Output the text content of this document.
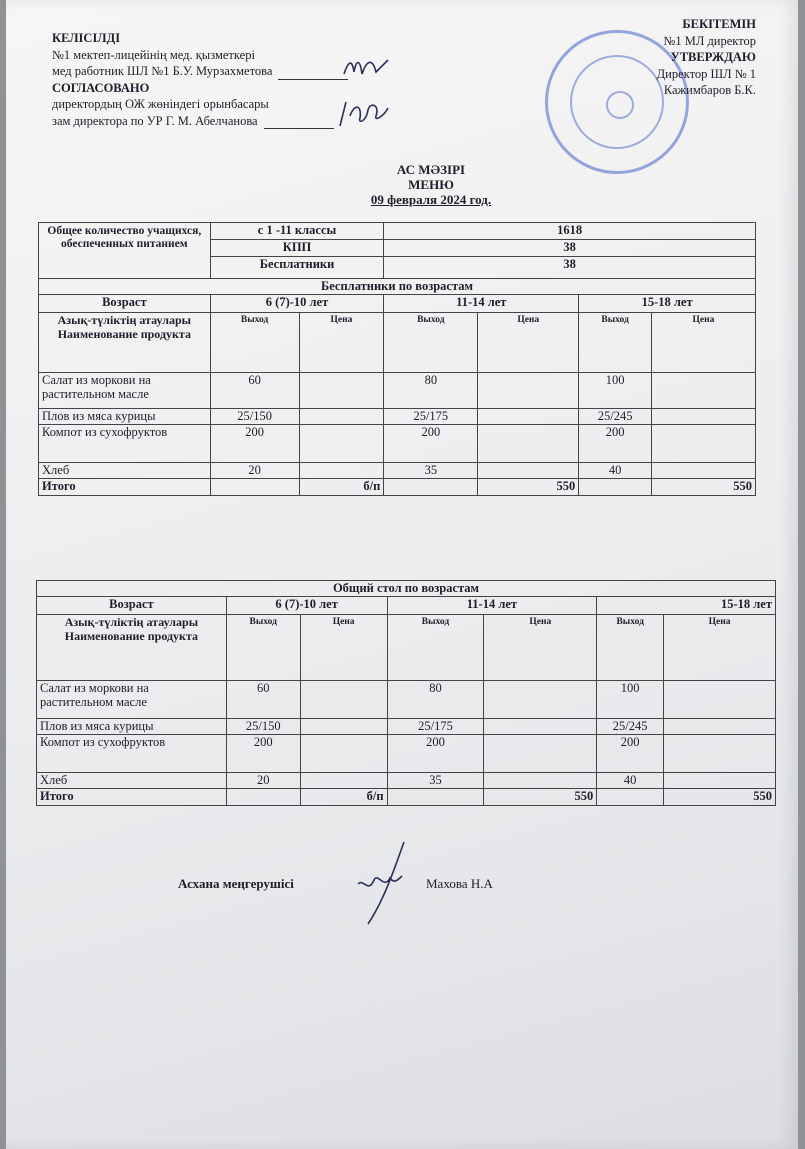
КЕЛІСІЛДІ
№1 мектеп-лицейінің мед. қызметкері
мед работник ШЛ №1 Б.У. Мурзахметова
СОГЛАСОВАНО
директордың ОЖ жөніндегі орынбасары
зам директора по УР Г. М. Абелчанова
БЕКІТЕМІН
№1 МЛ директор
УТВЕРЖДАЮ
Директор ШЛ № 1
Кажимбаров Б.К.
АС МӘЗІРІ
МЕНЮ
09 февраля 2024 год.
Общее количество учащихся, обеспеченных питанием	с 1 -11 классы		1618			
	КПП		38			
	Бесплатники		38			
Бесплатники по возрастам						
Возраст	6 (7)-10 лет		11-14 лет		15-18 лет	
Азық-түліктің атаулары Наименование продукта	Выход	Цена	Выход	Цена	Выход	Цена
Салат из моркови на растительном масле	60		80		100	
Плов из мяса курицы	25/150		25/175		25/245	
Компот из сухофруктов	200		200		200	
Хлеб	20		35		40	
Итого		б/п		550		550
Общий стол по возрастам						
Возраст	6 (7)-10 лет		11-14 лет		15-18 лет	
Азық-түліктің атаулары Наименование продукта	Выход	Цена	Выход	Цена	Выход	Цена
Салат из моркови на растительном масле	60		80		100	
Плов из мяса курицы	25/150		25/175		25/245	
Компот из сухофруктов	200		200		200	
Хлеб	20		35		40	
Итого		б/п		550		550
Асхана меңгерушісі	Махова Н.А
